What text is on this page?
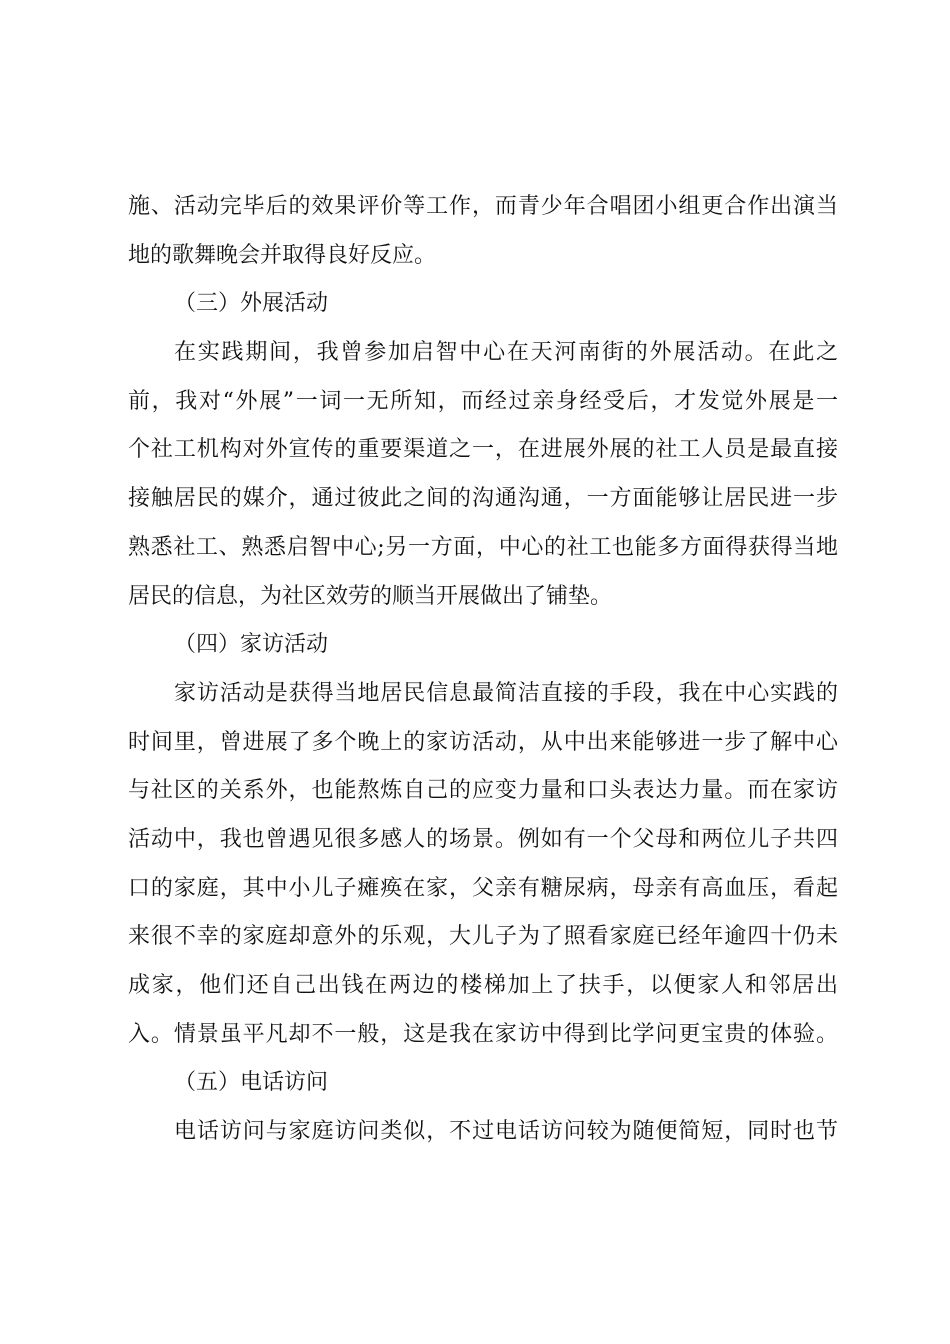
施、活动完毕后的效果评价等工作，而青少年合唱团小组更合作出演当
地的歌舞晚会并取得良好反应。
（三）外展活动
在实践期间，我曾参加启智中心在天河南街的外展活动。在此之
前，我对“外展”一词一无所知，而经过亲身经受后，才发觉外展是一
个社工机构对外宣传的重要渠道之一，在进展外展的社工人员是最直接
接触居民的媒介，通过彼此之间的沟通沟通，一方面能够让居民进一步
熟悉社工、熟悉启智中心;另一方面，中心的社工也能多方面得获得当地
居民的信息，为社区效劳的顺当开展做出了铺垫。
（四）家访活动
家访活动是获得当地居民信息最简洁直接的手段，我在中心实践的
时间里，曾进展了多个晚上的家访活动，从中出来能够进一步了解中心
与社区的关系外，也能熬炼自己的应变力量和口头表达力量。而在家访
活动中，我也曾遇见很多感人的场景。例如有一个父母和两位儿子共四
口的家庭，其中小儿子瘫痪在家，父亲有糖尿病，母亲有高血压，看起
来很不幸的家庭却意外的乐观，大儿子为了照看家庭已经年逾四十仍未
成家，他们还自己出钱在两边的楼梯加上了扶手，以便家人和邻居出
入。情景虽平凡却不一般，这是我在家访中得到比学问更宝贵的体验。
（五）电话访问
电话访问与家庭访问类似，不过电话访问较为随便简短，同时也节
